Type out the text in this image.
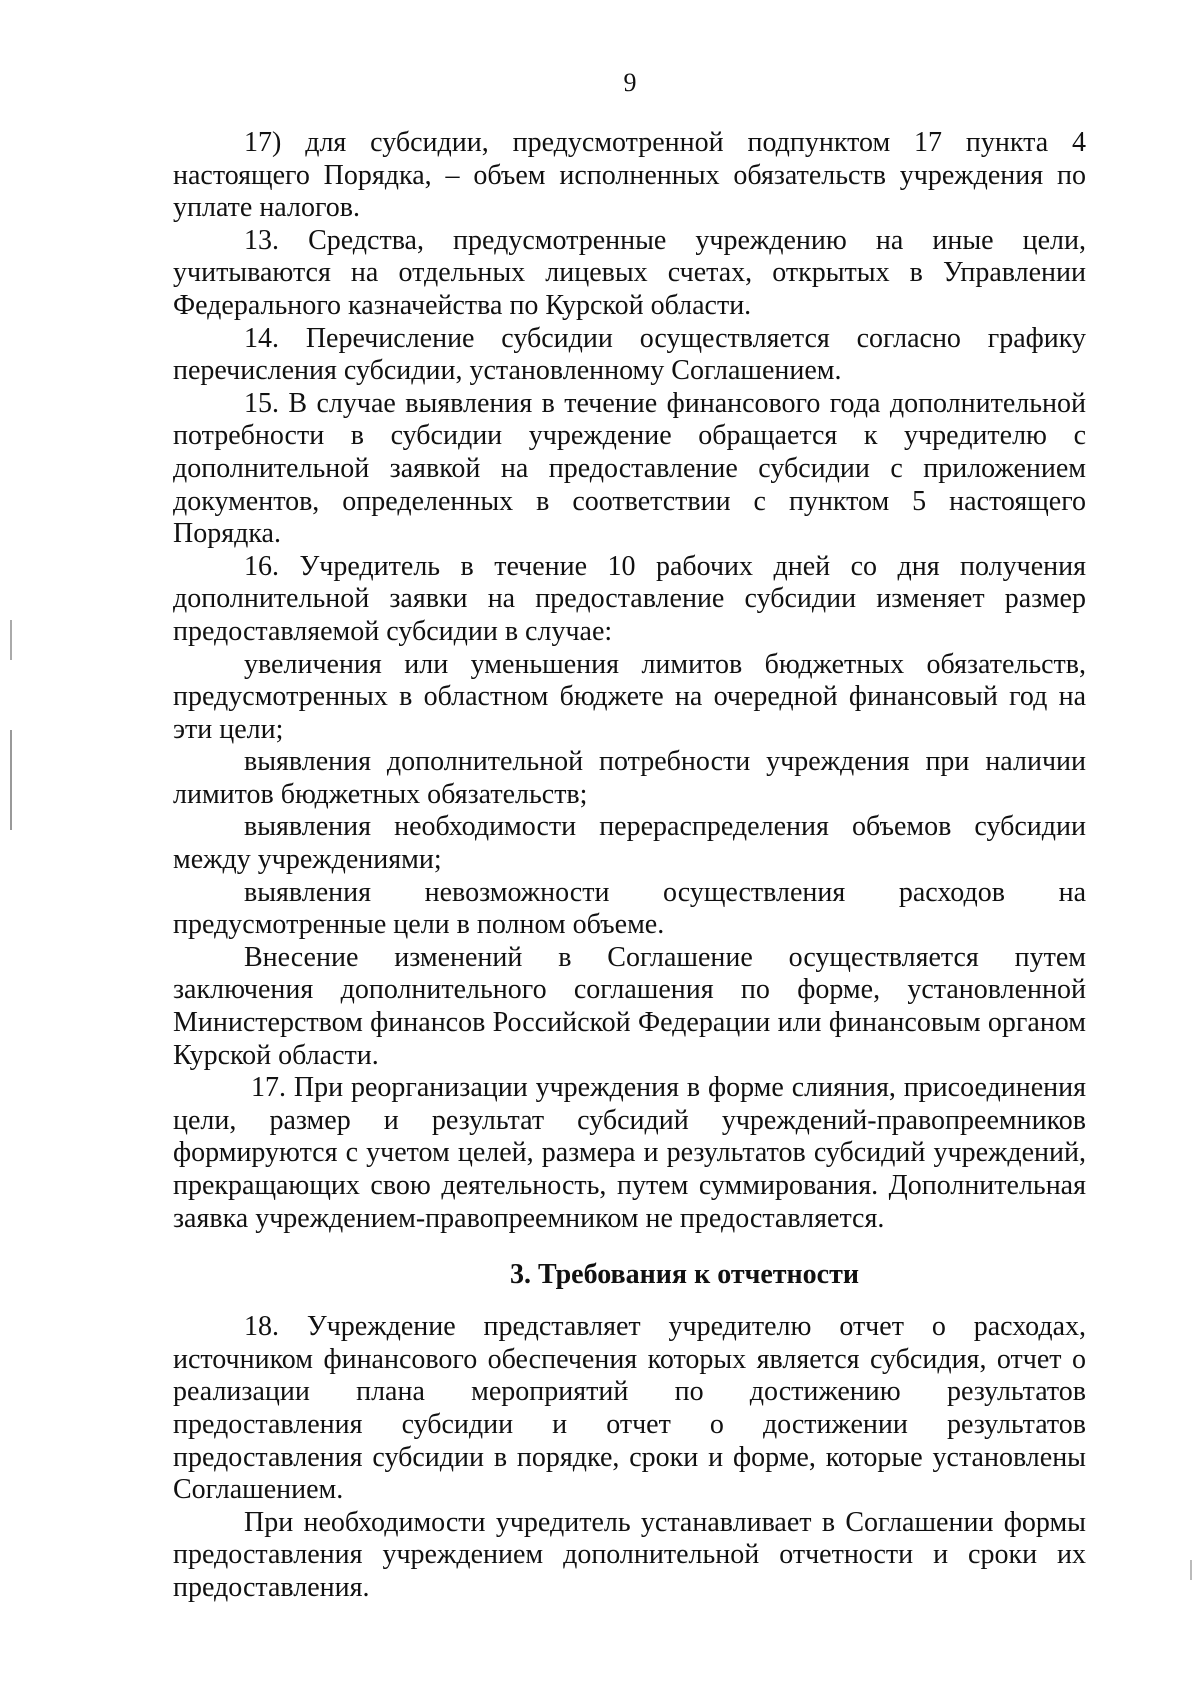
9

17) для субсидии, предусмотренной подпунктом 17 пункта 4 настоящего Порядка, – объем исполненных обязательств учреждения по уплате налогов.

13. Средства, предусмотренные учреждению на иные цели, учитываются на отдельных лицевых счетах, открытых в Управлении Федерального казначейства по Курской области.

14. Перечисление субсидии осуществляется согласно графику перечисления субсидии, установленному Соглашением.

15. В случае выявления в течение финансового года дополнительной потребности в субсидии учреждение обращается к учредителю с дополнительной заявкой на предоставление субсидии с приложением документов, определенных в соответствии с пунктом 5 настоящего Порядка.

16. Учредитель в течение 10 рабочих дней со дня получения дополнительной заявки на предоставление субсидии изменяет размер предоставляемой субсидии в случае:

увеличения или уменьшения лимитов бюджетных обязательств, предусмотренных в областном бюджете на очередной финансовый год на эти цели;

выявления дополнительной потребности учреждения при наличии лимитов бюджетных обязательств;

выявления необходимости перераспределения объемов субсидии между учреждениями;

выявления невозможности осуществления расходов на предусмотренные цели в полном объеме.

Внесение изменений в Соглашение осуществляется путем заключения дополнительного соглашения по форме, установленной Министерством финансов Российской Федерации или финансовым органом Курской области.

17. При реорганизации учреждения в форме слияния, присоединения цели, размер и результат субсидий учреждений-правопреемников формируются с учетом целей, размера и результатов субсидий учреждений, прекращающих свою деятельность, путем суммирования. Дополнительная заявка учреждением-правопреемником не предоставляется.

3. Требования к отчетности

18. Учреждение представляет учредителю отчет о расходах, источником финансового обеспечения которых является субсидия, отчет о реализации плана мероприятий по достижению результатов предоставления субсидии и отчет о достижении результатов предоставления субсидии в порядке, сроки и форме, которые установлены Соглашением.

При необходимости учредитель устанавливает в Соглашении формы предоставления учреждением дополнительной отчетности и сроки их предоставления.
